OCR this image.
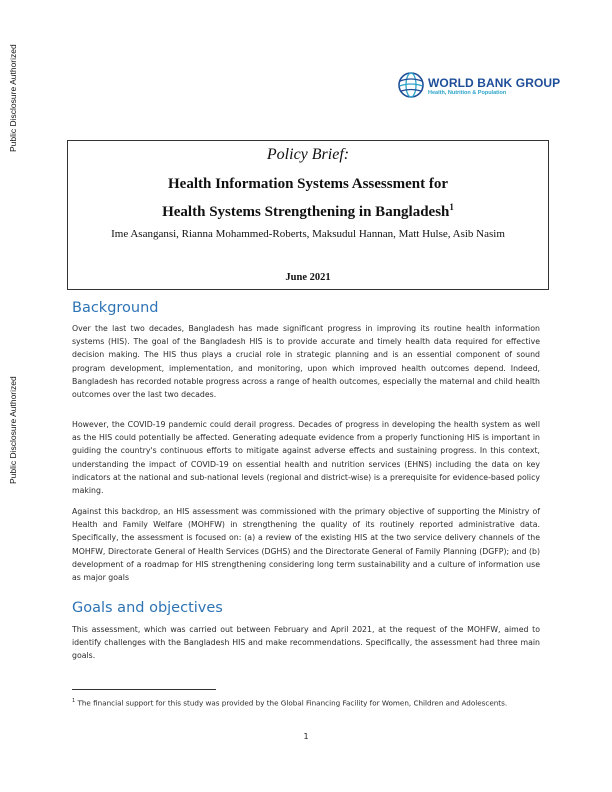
Public Disclosure Authorized
Public Disclosure Authorized
WORLD BANK GROUP
Health, Nutrition & Population
Policy Brief:
Health Information Systems Assessment for
Health Systems Strengthening in Bangladesh$^1$
Ime Asangansi, Rianna Mohammed-Roberts, Maksudul Hannan, Matt Hulse, Asib Nasim
June 2021
Background

Over the last two decades, Bangladesh has made significant progress in improving its routine health information systems (HIS). The goal of the Bangladesh HIS is to provide accurate and timely health data required for effective decision making. The HIS thus plays a crucial role in strategic planning and is an essential component of sound program development, implementation, and monitoring, upon which improved health outcomes depend. Indeed, Bangladesh has recorded notable progress across a range of health outcomes, especially the maternal and child health outcomes over the last two decades.

However, the COVID-19 pandemic could derail progress. Decades of progress in developing the health system as well as the HIS could potentially be affected. Generating adequate evidence from a properly functioning HIS is important in guiding the country's continuous efforts to mitigate against adverse effects and sustaining progress. In this context, understanding the impact of COVID-19 on essential health and nutrition services (EHNS) including the data on key indicators at the national and sub-national levels (regional and district-wise) is a prerequisite for evidence-based policy making.

Against this backdrop, an HIS assessment was commissioned with the primary objective of supporting the Ministry of Health and Family Welfare (MOHFW) in strengthening the quality of its routinely reported administrative data. Specifically, the assessment is focused on: (a) a review of the existing HIS at the two service delivery channels of the MOHFW, Directorate General of Health Services (DGHS) and the Directorate General of Family Planning (DGFP); and (b) development of a roadmap for HIS strengthening considering long term sustainability and a culture of information use as major goals

Goals and objectives

This assessment, which was carried out between February and April 2021, at the request of the MOHFW, aimed to identify challenges with the Bangladesh HIS and make recommendations. Specifically, the assessment had three main goals.

$^1$ The financial support for this study was provided by the Global Financing Facility for Women, Children and Adolescents.

1
